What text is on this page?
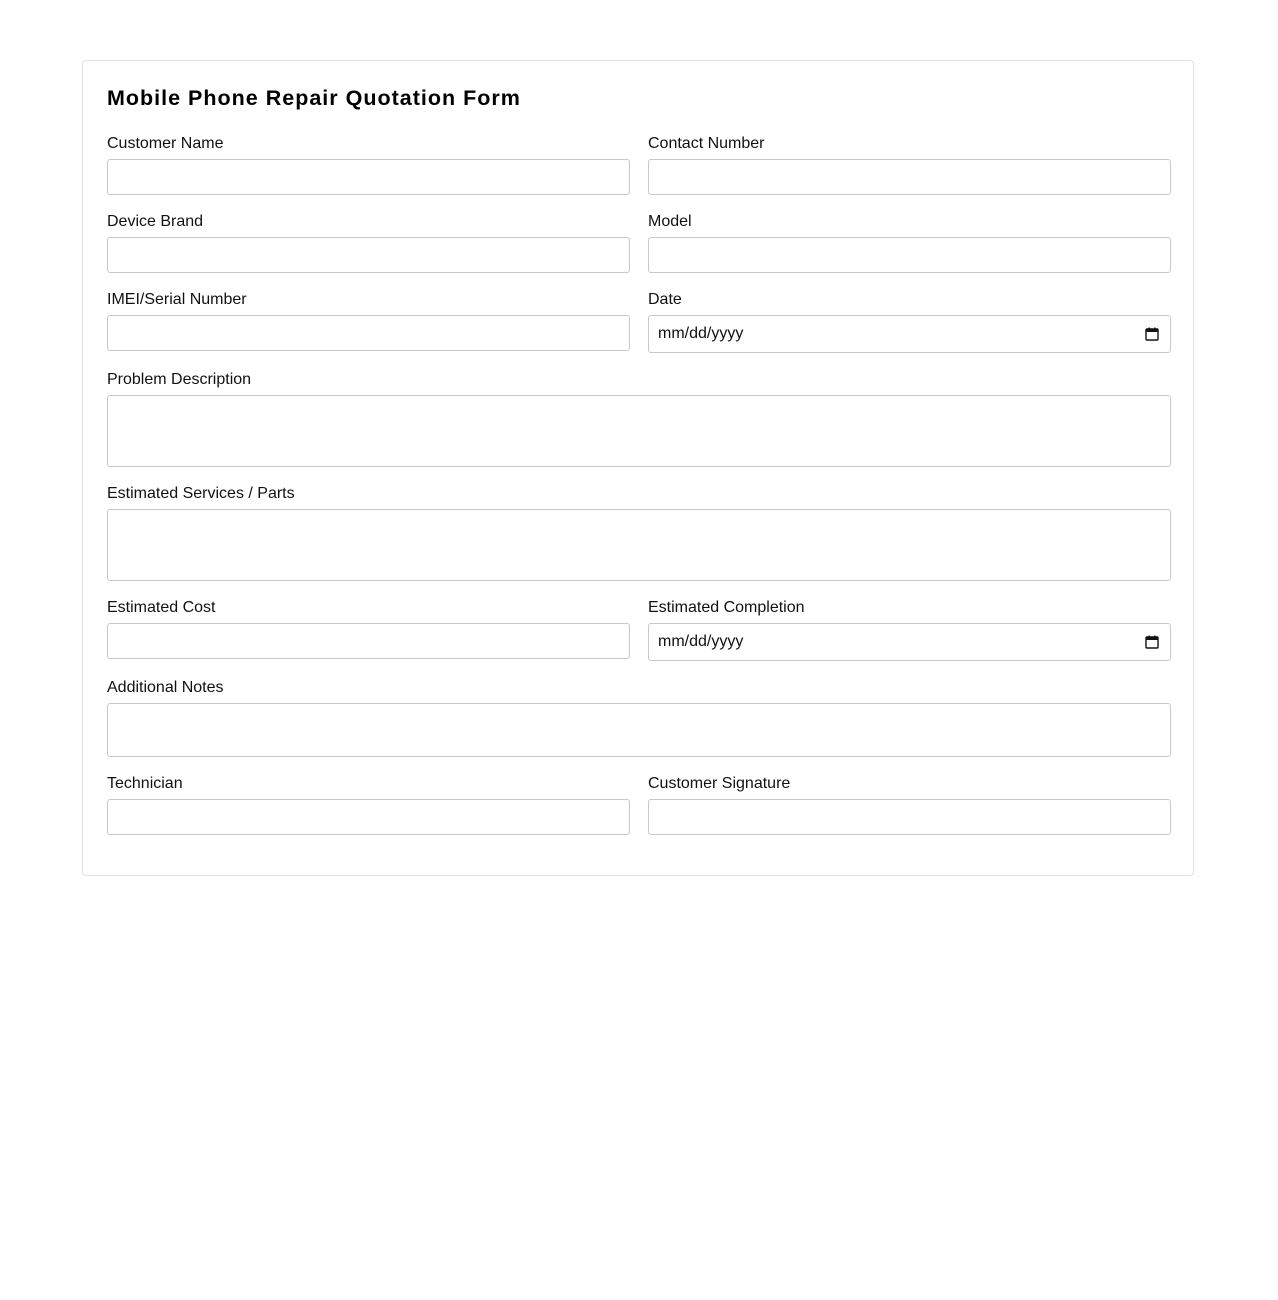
Mobile Phone Repair Quotation Form
Customer Name	Contact Number
Device Brand	Model
IMEI/Serial Number	Date
mm/dd/yyyy
Problem Description
Estimated Services / Parts
Estimated Cost	Estimated Completion
mm/dd/yyyy
Additional Notes
Technician	Customer Signature
